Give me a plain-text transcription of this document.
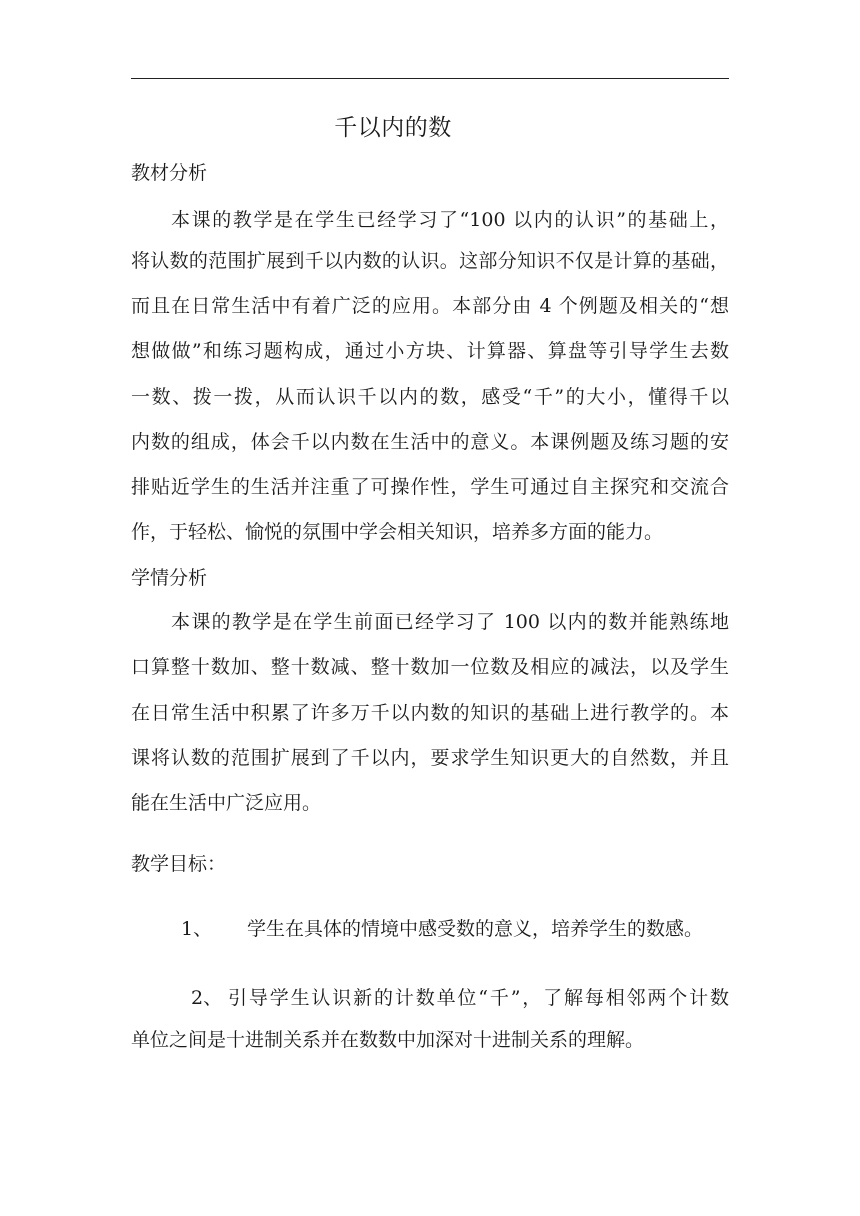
千以内的数
教材分析
本课的教学是在学生已经学习了“100 以内的认识”的基础上，
将认数的范围扩展到千以内数的认识。这部分知识不仅是计算的基础，
而且在日常生活中有着广泛的应用。本部分由 4 个例题及相关的“想
想做做”和练习题构成，通过小方块、计算器、算盘等引导学生去数
一数、拨一拨，从而认识千以内的数，感受“千”的大小，懂得千以
内数的组成，体会千以内数在生活中的意义。本课例题及练习题的安
排贴近学生的生活并注重了可操作性，学生可通过自主探究和交流合
作，于轻松、愉悦的氛围中学会相关知识，培养多方面的能力。
学情分析
本课的教学是在学生前面已经学习了 100 以内的数并能熟练地
口算整十数加、整十数减、整十数加一位数及相应的减法，以及学生
在日常生活中积累了许多万千以内数的知识的基础上进行教学的。本
课将认数的范围扩展到了千以内，要求学生知识更大的自然数，并且
能在生活中广泛应用。
教学目标：
1、 学生在具体的情境中感受数的意义，培养学生的数感。
2、 引导学生认识新的计数单位“千”，了解每相邻两个计数
单位之间是十进制关系并在数数中加深对十进制关系的理解。
